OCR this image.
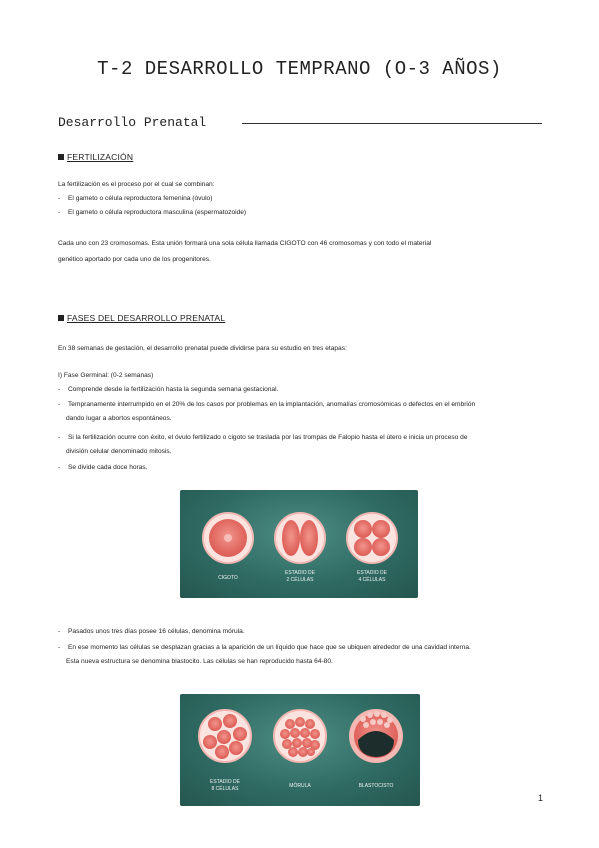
T-2 DESARROLLO TEMPRANO (O-3 AÑOS)
Desarrollo Prenatal
FERTILIZACIÓN
La fertilización es el proceso por el cual se combinan:
- El gameto o célula reproductora femenina (óvulo)
- El gameto o célula reproductora masculina (espermatozoide)
Cada uno con 23 cromosomas. Esta unión formará una sola célula llamada CIGOTO con 46 cromosomas y con todo el material
genético aportado por cada uno de los progenitores.
FASES DEL DESARROLLO PRENATAL
En 38 semanas de gestación, el desarrollo prenatal puede dividirse para su estudio en tres etapas:
I) Fase Germinal: (0-2 semanas)
- Comprende desde la fertilización hasta la segunda semana gestacional.
- Tempranamente interrumpido en el 20% de los casos por problemas en la implantación, anomalías cromosómicas o defectos en el embrión
dando lugar a abortos espontáneos.
- Si la fertilización ocurre con éxito, el óvulo fertilizado o cigoto se traslada por las trompas de Falopio hasta el útero e inicia un proceso de
división celular denominado mitosis.
- Se divide cada doce horas.
CIGOTO
ESTADIO DE
2 CÉLULAS
ESTADIO DE
4 CÉLULAS
- Pasados unos tres días posee 16 células, denomina mórula.
- En ese momento las células se desplazan gracias a la aparición de un líquido que hace que se ubiquen alrededor de una cavidad interna.
Esta nueva estructura se denomina blastocito. Las células se han reproducido hasta 64-80.
ESTADIO DE
8 CÉLULAS	MÓRULA	BLASTOCISTO
1
